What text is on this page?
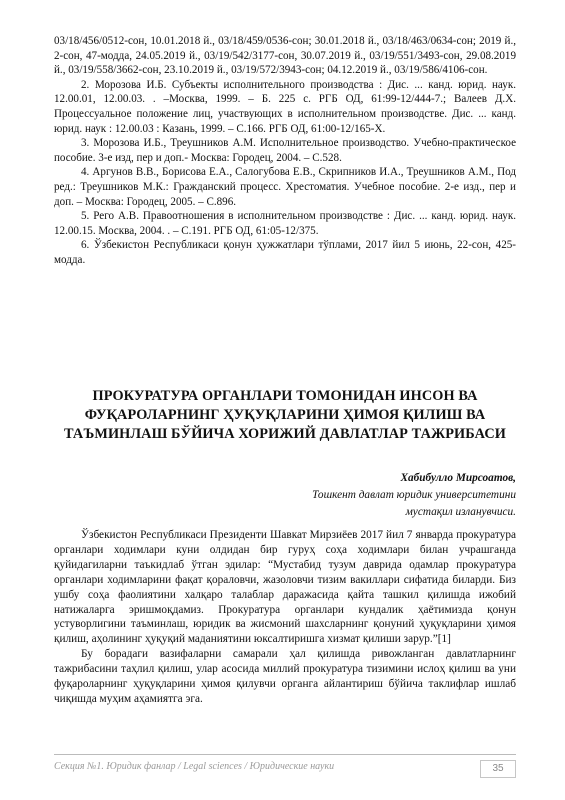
03/18/456/0512-сон, 10.01.2018 й., 03/18/459/0536-сон; 30.01.2018 й., 03/18/463/0634-сон; 2019 й., 2-сон, 47-модда, 24.05.2019 й., 03/19/542/3177-сон, 30.07.2019 й., 03/19/551/3493-сон, 29.08.2019 й., 03/19/558/3662-сон, 23.10.2019 й., 03/19/572/3943-сон; 04.12.2019 й., 03/19/586/4106-сон.

2. Морозова И.Б. Субъекты исполнительного производства : Дис. ... канд. юрид. наук. 12.00.01, 12.00.03. . –Москва, 1999. – Б. 225 с. РГБ ОД, 61:99-12/444-7.; Валеев Д.Х. Процессуальное положение лиц, участвующих в исполнительном производстве. Дис. ... канд. юрид. наук : 12.00.03 : Казань, 1999. – С.166. РГБ ОД, 61:00-12/165-Х.

3. Морозова И.Б., Треушников А.М. Исполнительное производство. Учебно-практическое пособие. 3-е изд, пер и доп.- Москва: Городец, 2004. – С.528.

4. Аргунов В.В., Борисова Е.А., Салогубова Е.В., Скрипников И.А., Треушников А.М., Под ред.: Треушников М.К.: Гражданский процесс. Хрестоматия. Учебное пособие. 2-е изд., пер и доп. – Москва: Городец, 2005. – С.896.

5. Рего А.В. Правоотношения в исполнительном производстве : Дис. ... канд. юрид. наук. 12.00.15. Москва, 2004. . – С.191. РГБ ОД, 61:05-12/375.

6. Ўзбекистон Республикаси қонун ҳужжатлари тўплами, 2017 йил 5 июнь, 22-сон, 425-модда.

ПРОКУРАТУРА ОРГАНЛАРИ ТОМОНИДАН ИНСОН ВА ФУҚАРОЛАРНИНГ ҲУҚУҚЛАРИНИ ҲИМОЯ ҚИЛИШ ВА ТАЪМИНЛАШ БЎЙИЧА ХОРИЖИЙ ДАВЛАТЛАР ТАЖРИБАСИ
Хабибулло Мирсоатов,
Тошкент давлат юридик университетини
мустақил изланувчиси.

Ўзбекистон Республикаси Президенти Шавкат Мирзиёев 2017 йил 7 январда прокуратура органлари ходимлари куни олдидан бир гуруҳ соҳа ходимлари билан учрашганда қуйидагиларни таъкидлаб ўтган эдилар: “Мустабид тузум даврида одамлар прокуратура органлари ходимларини фақат қораловчи, жазоловчи тизим вакиллари сифатида биларди. Биз ушбу соҳа фаолиятини халқаро талаблар даражасида қайта ташкил қилишда ижобий натижаларга эришмоқдамиз. Прокуратура органлари кундалик ҳаётимизда қонун устуворлигини таъминлаш, юридик ва жисмоний шахсларнинг қонуний ҳуқуқларини ҳимоя қилиш, аҳолининг ҳуқуқий маданиятини юксалтиришга хизмат қилиши зарур.”[1]

Бу борадаги вазифаларни самарали ҳал қилишда ривожланган давлатларнинг тажрибасини таҳлил қилиш, улар асосида миллий прокуратура тизимини ислоҳ қилиш ва уни фуқароларнинг ҳуқуқларини ҳимоя қилувчи органга айлантириш бўйича таклифлар ишлаб чиқишда муҳим аҳамиятга эга.

Секция №1. Юридик фанлар / Legal sciences / Юридические науки	35
